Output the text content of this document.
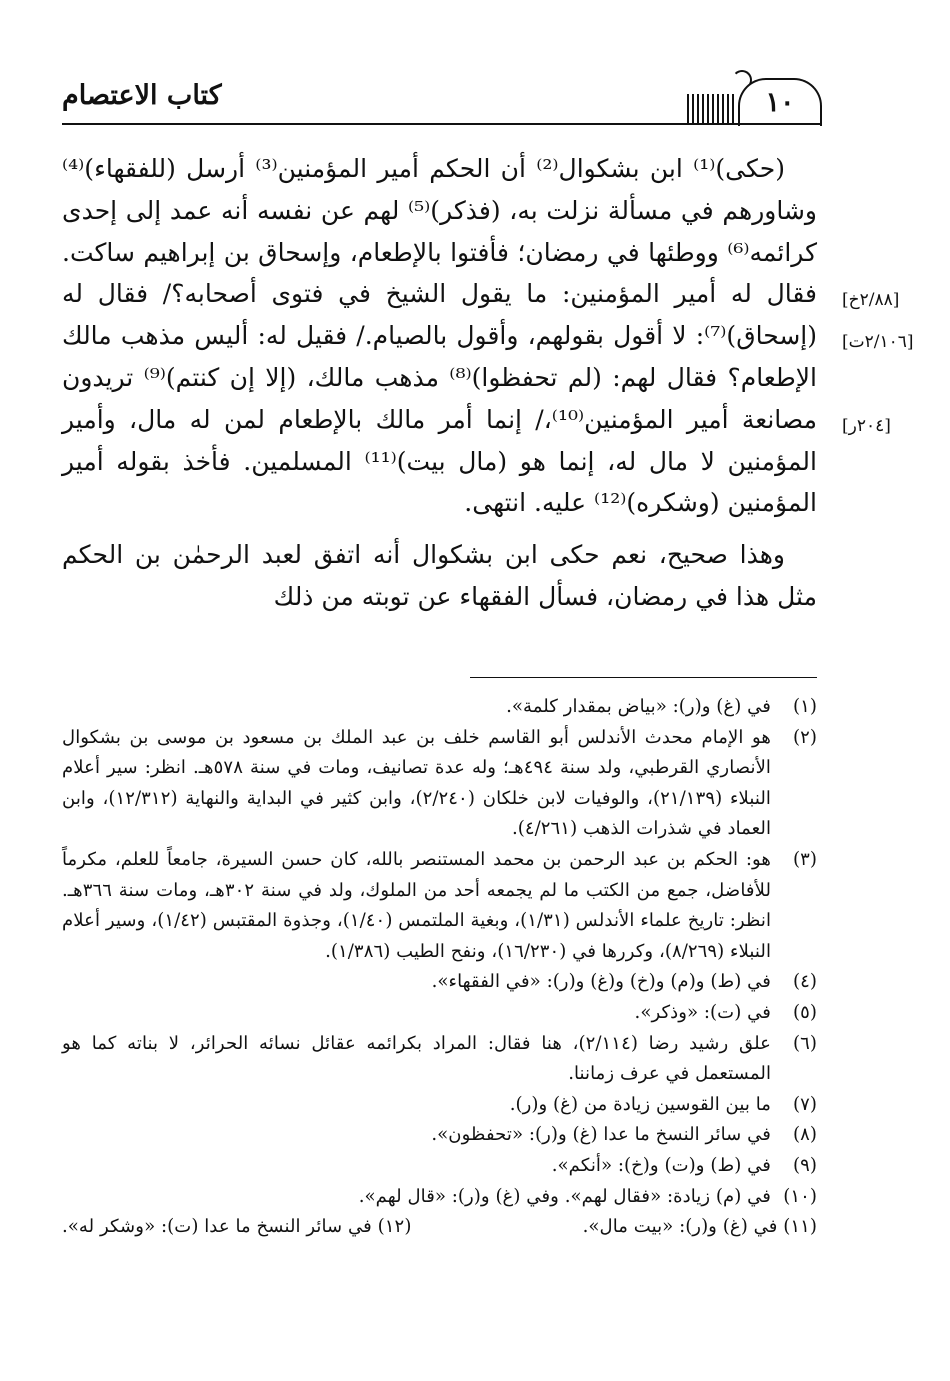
كتاب الاعتصام	١٠

(حكى)⁽¹⁾ ابن بشكوال⁽²⁾ أن الحكم أمير المؤمنين⁽³⁾ أرسل (للفقهاء)⁽⁴⁾ وشاورهم في مسألة نزلت به، (فذكر)⁽⁵⁾ لهم عن نفسه أنه عمد إلى إحدى كرائمه⁽⁶⁾ ووطئها في رمضان؛ فأفتوا بالإطعام، وإسحاق بن إبراهيم ساكت. فقال له أمير المؤمنين: ما يقول الشيخ في فتوى أصحابه؟/ فقال له (إسحاق)⁽⁷⁾: لا أقول بقولهم، وأقول بالصيام./ فقيل له: أليس مذهب مالك الإطعام؟ فقال لهم: (لم تحفظوا)⁽⁸⁾ مذهب مالك، (إلا إن كنتم)⁽⁹⁾ تريدون مصانعة أمير المؤمنين⁽¹⁰⁾،/ إنما أمر مالك بالإطعام لمن له مال، وأمير المؤمنين لا مال له، إنما هو (مال بيت)⁽¹¹⁾ المسلمين. فأخذ بقوله أمير المؤمنين (وشكره)⁽¹²⁾ عليه. انتهى.

وهذا صحيح، نعم حكى ابن بشكوال أنه اتفق لعبد الرحمٰن بن الحكم مثل هذا في رمضان، فسأل الفقهاء عن توبته من ذلك

[٢/٨٨خ]
[٢/١٠٦ت]
[٢٠٤ر]
(١)
في (غ) و(ر): «بياض بمقدار كلمة».
(٢)
هو الإمام محدث الأندلس أبو القاسم خلف بن عبد الملك بن مسعود بن موسى بن بشكوال الأنصاري القرطبي، ولد سنة ٤٩٤هـ؛ وله عدة تصانيف، ومات في سنة ٥٧٨هـ. انظر: سير أعلام النبلاء (٢١/١٣٩)، والوفيات لابن خلكان (٢/٢٤٠)، وابن كثير في البداية والنهاية (١٢/٣١٢)، وابن العماد في شذرات الذهب (٤/٢٦١).
(٣)
هو: الحكم بن عبد الرحمن بن محمد المستنصر بالله، كان حسن السيرة، جامعاً للعلم، مكرماً للأفاضل، جمع من الكتب ما لم يجمعه أحد من الملوك، ولد في سنة ٣٠٢هـ، ومات سنة ٣٦٦هـ. انظر: تاريخ علماء الأندلس (١/٣١)، وبغية الملتمس (١/٤٠)، وجذوة المقتبس (١/٤٢)، وسير أعلام النبلاء (٨/٢٦٩)، وكررها في (١٦/٢٣٠)، ونفح الطيب (١/٣٨٦).
(٤)
في (ط) و(م) و(خ) و(غ) و(ر): «في الفقهاء».
(٥)
في (ت): «وذكر».
(٦)
علق رشيد رضا (٢/١١٤)، هنا فقال: المراد بكرائمه عقائل نسائه الحرائر، لا بناته كما هو المستعمل في عرف زماننا.
(٧)
ما بين القوسين زيادة من (غ) و(ر).
(٨)
في سائر النسخ ما عدا (غ) و(ر): «تحفظون».
(٩)
في (ط) و(ت) و(خ): «أنكم».
(١٠)
في (م) زيادة: «فقال لهم». وفي (غ) و(ر): «قال لهم».
(١١) في (غ) و(ر): «بيت مال».
(١٢) في سائر النسخ ما عدا (ت): «وشكر له».
